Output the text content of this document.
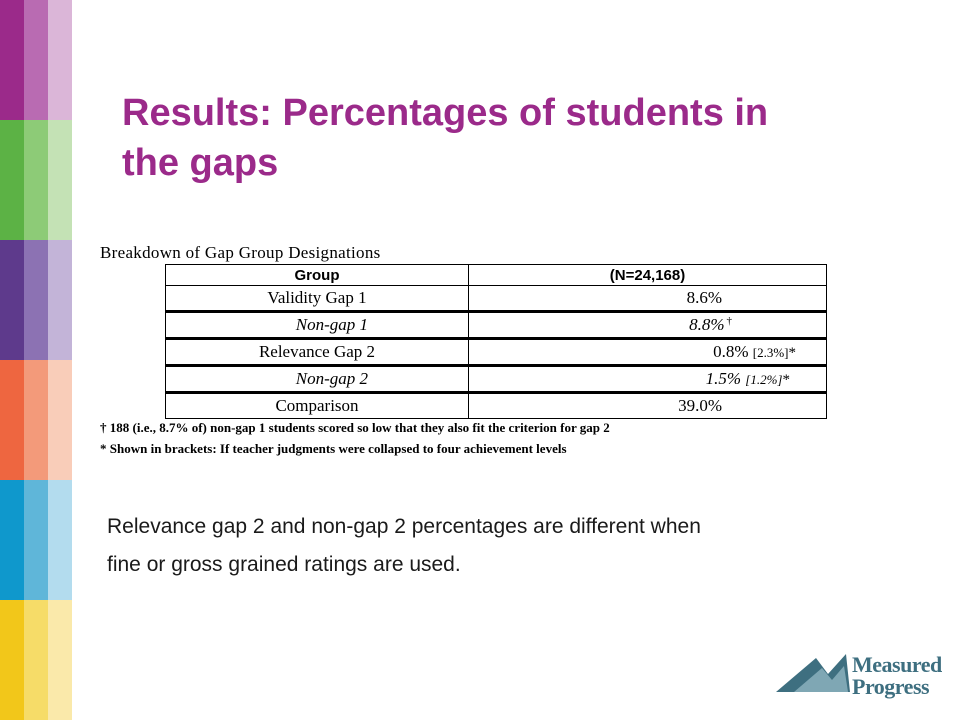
Results: Percentages of students in
the gaps
Breakdown of Gap Group Designations
Group	(N=24,168)
Validity Gap 1	8.6%
Non-gap 1	8.8% †
Relevance Gap 2	0.8% [2.3%]*
Non-gap 2	1.5% [1.2%]*
Comparison	39.0%
† 188 (i.e., 8.7% of) non-gap 1 students scored so low that they also fit the criterion for gap 2
* Shown in brackets: If teacher judgments were collapsed to four achievement levels
Relevance gap 2 and non-gap 2 percentages are different when
fine or gross grained ratings are used.
Measured
Progress
